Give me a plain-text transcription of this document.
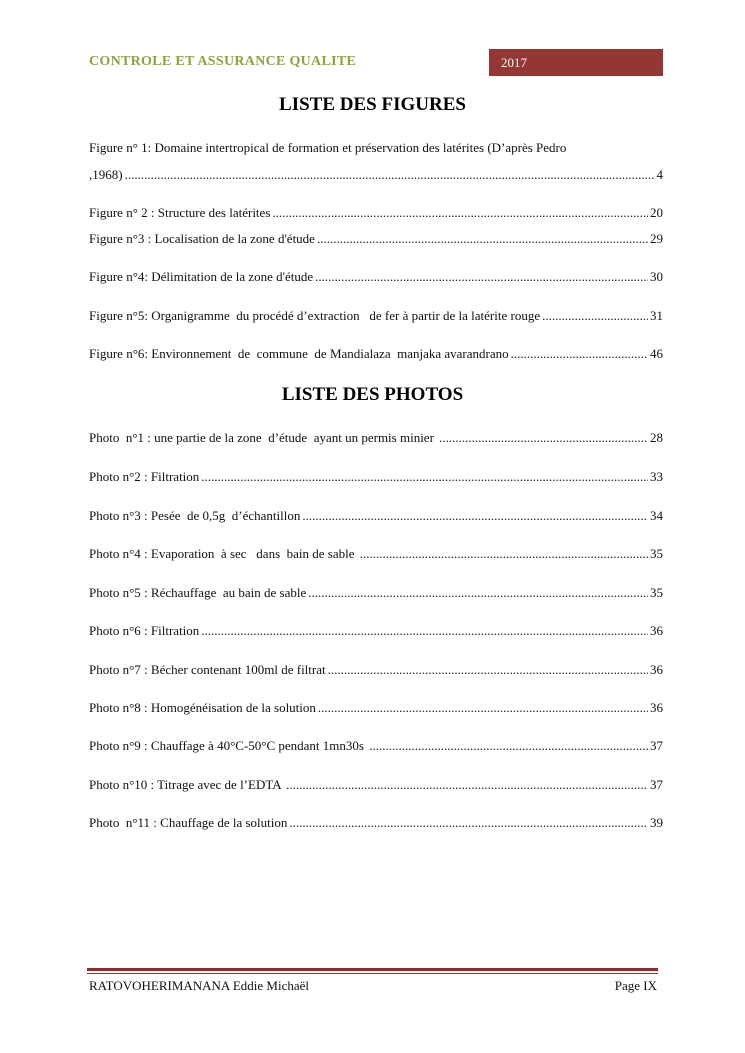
CONTROLE ET ASSURANCE QUALITE	2017
LISTE DES FIGURES
Figure n° 1: Domaine intertropical de formation et préservation des latérites (D’après Pedro
,1968) .....	4
Figure n° 2 : Structure des latérites .....	20
Figure n°3 : Localisation de la zone d'étude .....	29
Figure n°4: Délimitation de la zone d'étude .....	30
Figure n°5: Organigramme  du procédé d’extraction   de fer à partir de la latérite rouge .....	31
Figure n°6: Environnement  de  commune  de Mandialaza  manjaka avarandrano .....	46
LISTE DES PHOTOS
Photo  n°1 : une partie de la zone  d’étude  ayant un permis minier .....	28
Photo n°2 : Filtration .....	33
Photo n°3 : Pesée  de 0,5g  d’échantillon .....	34
Photo n°4 : Evaporation  à sec   dans  bain de sable .....	35
Photo n°5 : Réchauffage  au bain de sable .....	35
Photo n°6 : Filtration .....	36
Photo n°7 : Bécher contenant 100ml de filtrat .....	36
Photo n°8 : Homogénéisation de la solution .....	36
Photo n°9 : Chauffage à 40°C-50°C pendant 1mn30s .....	37
Photo n°10 : Titrage avec de l’EDTA .....	37
Photo  n°11 : Chauffage de la solution .....	39
RATOVOHERIMANANA Eddie Michaël	Page IX
